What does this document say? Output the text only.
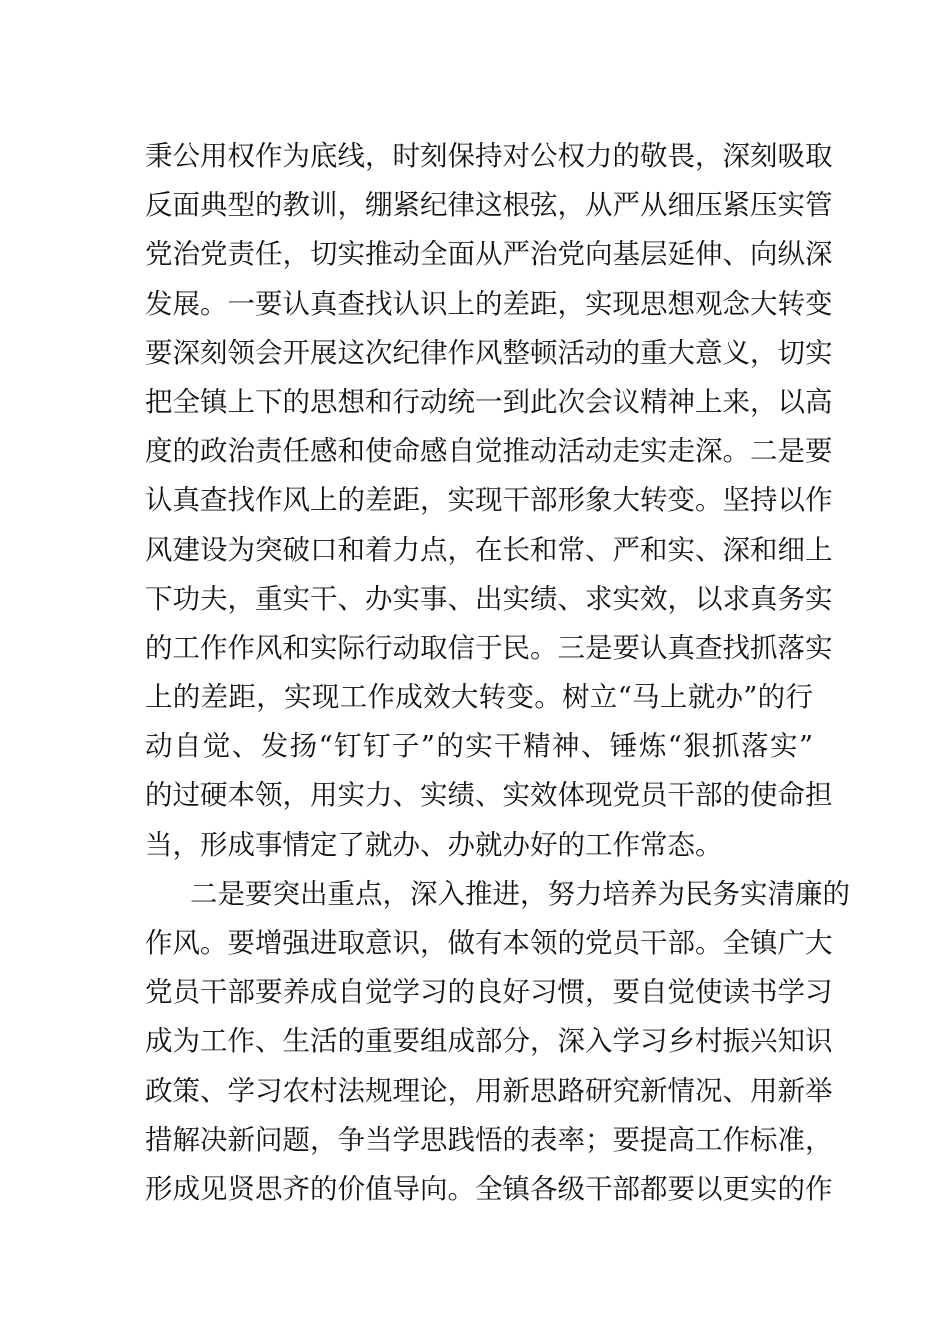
秉公用权作为底线，时刻保持对公权力的敬畏，深刻吸取
反面典型的教训，绷紧纪律这根弦，从严从细压紧压实管
党治党责任，切实推动全面从严治党向基层延伸、向纵深
发展。一要认真查找认识上的差距，实现思想观念大转变
要深刻领会开展这次纪律作风整顿活动的重大意义，切实
把全镇上下的思想和行动统一到此次会议精神上来，以高
度的政治责任感和使命感自觉推动活动走实走深。二是要
认真查找作风上的差距，实现干部形象大转变。坚持以作
风建设为突破口和着力点，在长和常、严和实、深和细上
下功夫，重实干、办实事、出实绩、求实效，以求真务实
的工作作风和实际行动取信于民。三是要认真查找抓落实
上的差距，实现工作成效大转变。树立“马上就办”的行
动自觉、发扬“钉钉子”的实干精神、锤炼“狠抓落实”
的过硬本领，用实力、实绩、实效体现党员干部的使命担
当，形成事情定了就办、办就办好的工作常态。
二是要突出重点，深入推进，努力培养为民务实清廉的
作风。要增强进取意识，做有本领的党员干部。全镇广大
党员干部要养成自觉学习的良好习惯，要自觉使读书学习
成为工作、生活的重要组成部分，深入学习乡村振兴知识
政策、学习农村法规理论，用新思路研究新情况、用新举
措解决新问题，争当学思践悟的表率；要提高工作标准，
形成见贤思齐的价值导向。全镇各级干部都要以更实的作
